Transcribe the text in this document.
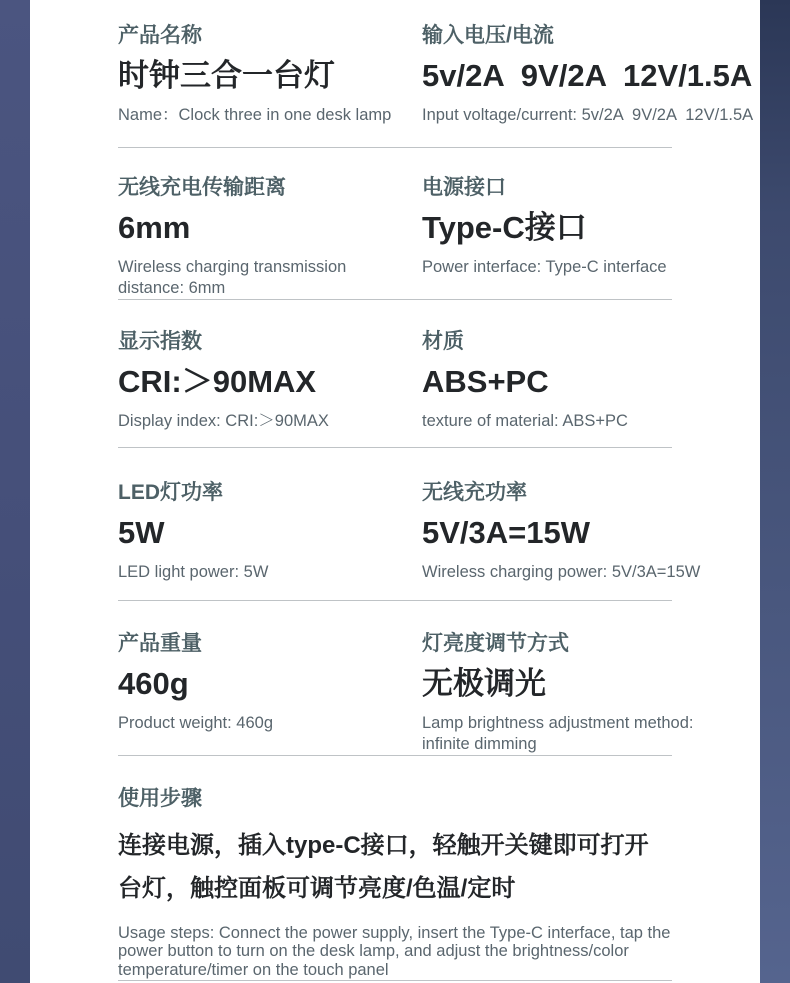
产品名称
时钟三合一台灯
Name：Clock three in one desk lamp
输入电压/电流
5v/2A  9V/2A  12V/1.5A
Input voltage/current: 5v/2A  9V/2A  12V/1.5A
无线充电传输距离
6mm
Wireless charging transmission distance: 6mm
电源接口
Type-C接口
Power interface: Type-C interface
显示指数
CRI:＞90MAX
Display index: CRI:＞90MAX
材质
ABS+PC
texture of material: ABS+PC
LED灯功率
5W
LED light power: 5W
无线充功率
5V/3A=15W
Wireless charging power: 5V/3A=15W
产品重量
460g
Product weight: 460g
灯亮度调节方式
无极调光
Lamp brightness adjustment method: infinite dimming
使用步骤
连接电源，插入type-C接口，轻触开关键即可打开台灯，触控面板可调节亮度/色温/定时
Usage steps: Connect the power supply, insert the Type-C interface, tap the power button to turn on the desk lamp, and adjust the brightness/color temperature/timer on the touch panel
